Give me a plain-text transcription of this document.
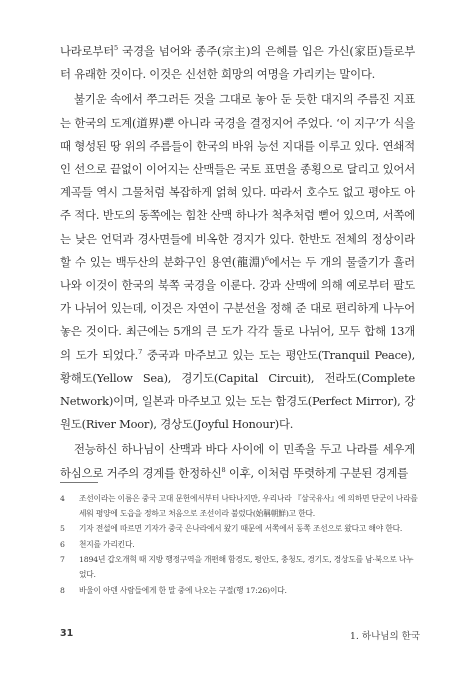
나라로부터$^5$ 국경을 넘어와 종주(宗主)의 은혜를 입은 가신(家臣)들로부터 유래한 것이다. 이것은 신선한 희망의 여명을 가리키는 말이다.

불기운 속에서 쭈그러든 것을 그대로 놓아 둔 듯한 대지의 주름진 지표는 한국의 도계(道界)뿐 아니라 국경을 결정지어 주었다. ‘이 지구’가 식을 때 형성된 땅 위의 주름들이 한국의 바위 능선 지대를 이루고 있다. 연쇄적인 선으로 끝없이 이어지는 산맥들은 국토 표면을 종횡으로 달리고 있어서 계곡들 역시 그물처럼 복잡하게 얽혀 있다. 따라서 호수도 없고 평야도 아주 적다. 반도의 동쪽에는 힘찬 산맥 하나가 척추처럼 뻗어 있으며, 서쪽에는 낮은 언덕과 경사면들에 비옥한 경지가 있다. 한반도 전체의 정상이라 할 수 있는 백두산의 분화구인 용연(龍淵)$^6$에서는 두 개의 물줄기가 흘러나와 이것이 한국의 북쪽 국경을 이룬다. 강과 산맥에 의해 예로부터 팔도가 나뉘어 있는데, 이것은 자연이 구분선을 정해 준 대로 편리하게 나누어 놓은 것이다. 최근에는 5개의 큰 도가 각각 둘로 나뉘어, 모두 합해 13개의 도가 되었다.$^7$ 중국과 마주보고 있는 도는 평안도(Tranquil Peace), 황해도(Yellow Sea), 경기도(Capital Circuit), 전라도(Complete Network)이며, 일본과 마주보고 있는 도는 함경도(Perfect Mirror), 강원도(River Moor), 경상도(Joyful Honour)다.

전능하신 하나님이 산맥과 바다 사이에 이 민족을 두고 나라를 세우게 하심으로 거주의 경계를 한정하신$^8$ 이후, 이처럼 뚜렷하게 구분된 경계를

4 조선이라는 이름은 중국 고대 문헌에서부터 나타나지만, 우리나라 『삼국유사』에 의하면 단군이 나라를 세워 평양에 도읍을 정하고 처음으로 조선이라 불렀다(始稱朝鮮)고 한다.
5 기자 전설에 따르면 기자가 중국 은나라에서 왔기 때문에 서쪽에서 동쪽 조선으로 왔다고 해야 한다.
6 천지를 가리킨다.
7 1894년 갑오개혁 때 지방 행정구역을 개편해 함경도, 평안도, 충청도, 경기도, 경상도를 남·북으로 나누었다.
8 바울이 아덴 사람들에게 한 말 중에 나오는 구절(행 17:26)이다.
31	1. 하나님의 한국
